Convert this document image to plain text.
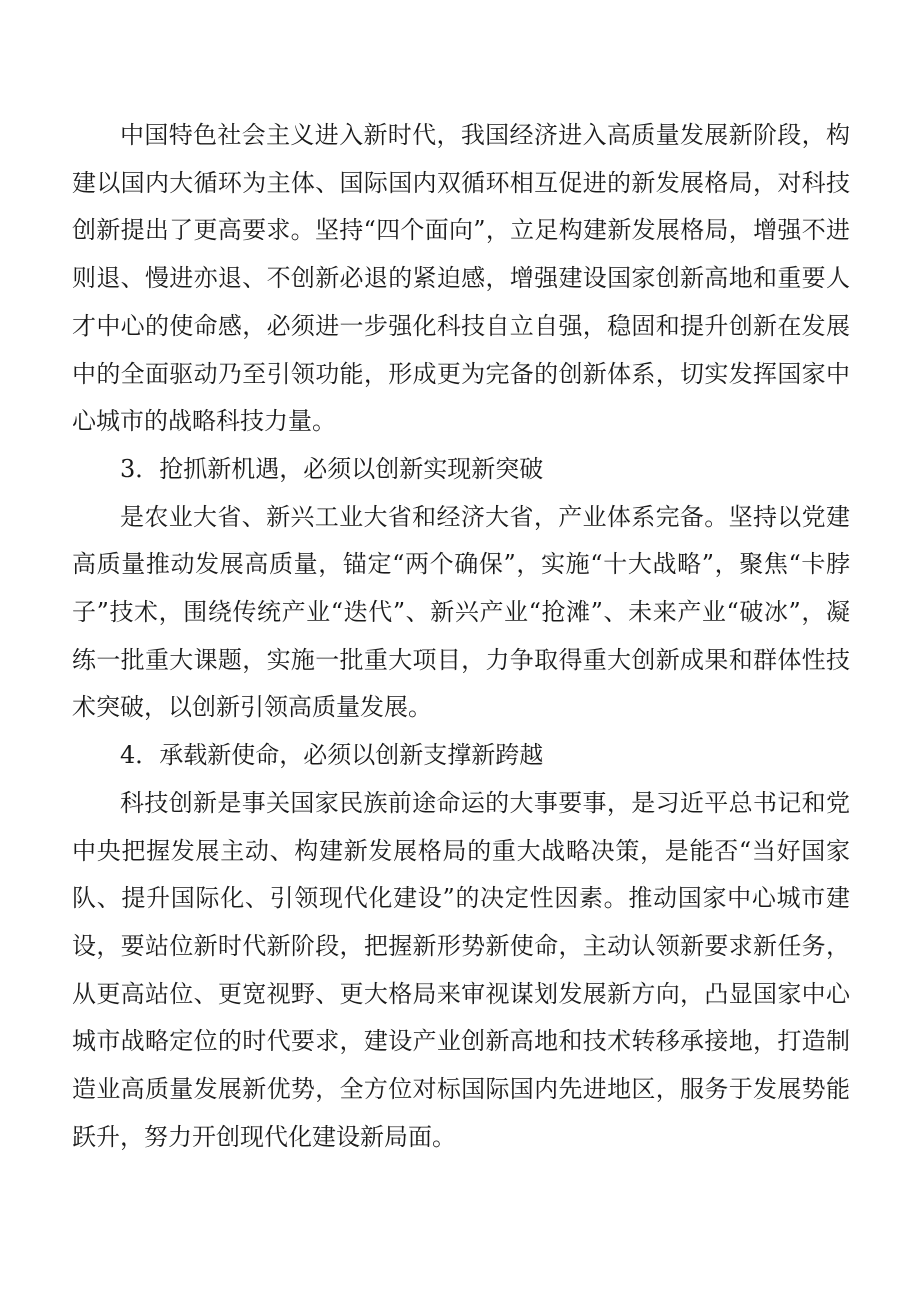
中国特色社会主义进入新时代，我国经济进入高质量发展新阶段，构建以国内大循环为主体、国际国内双循环相互促进的新发展格局，对科技创新提出了更高要求。坚持“四个面向”，立足构建新发展格局，增强不进则退、慢进亦退、不创新必退的紧迫感，增强建设国家创新高地和重要人才中心的使命感，必须进一步强化科技自立自强，稳固和提升创新在发展中的全面驱动乃至引领功能，形成更为完备的创新体系，切实发挥国家中心城市的战略科技力量。

3．抢抓新机遇，必须以创新实现新突破

是农业大省、新兴工业大省和经济大省，产业体系完备。坚持以党建高质量推动发展高质量，锚定“两个确保”，实施“十大战略”，聚焦“卡脖子”技术，围绕传统产业“迭代”、新兴产业“抢滩”、未来产业“破冰”，凝练一批重大课题，实施一批重大项目，力争取得重大创新成果和群体性技术突破，以创新引领高质量发展。

4．承载新使命，必须以创新支撑新跨越

科技创新是事关国家民族前途命运的大事要事，是习近平总书记和党中央把握发展主动、构建新发展格局的重大战略决策，是能否“当好国家队、提升国际化、引领现代化建设”的决定性因素。推动国家中心城市建设，要站位新时代新阶段，把握新形势新使命，主动认领新要求新任务，从更高站位、更宽视野、更大格局来审视谋划发展新方向，凸显国家中心城市战略定位的时代要求，建设产业创新高地和技术转移承接地，打造制造业高质量发展新优势，全方位对标国际国内先进地区，服务于发展势能跃升，努力开创现代化建设新局面。
